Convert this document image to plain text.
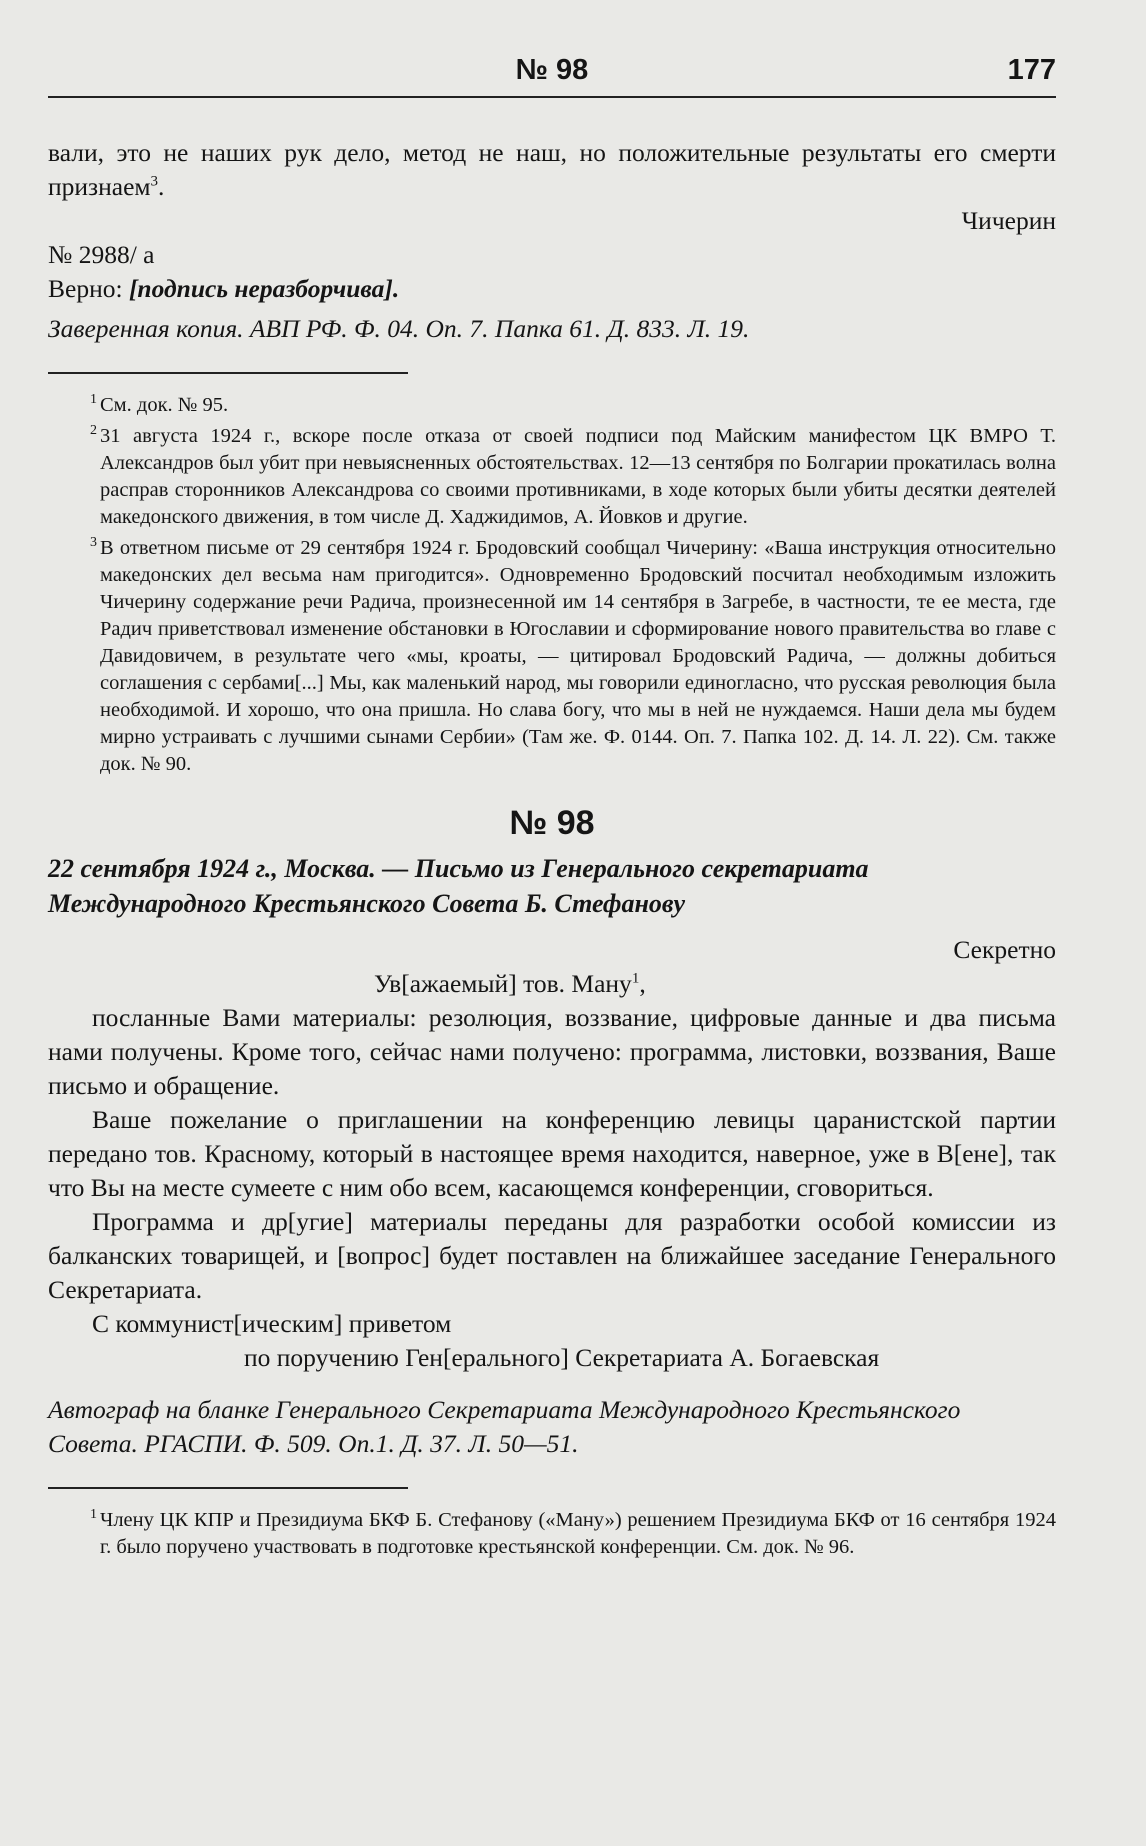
№ 98	177

вали, это не наших рук дело, метод не наш, но положительные результаты его смерти признаем$^3$.

Чичерин

№ 2988/ а

Верно: [подпись неразборчива].

Заверенная копия. АВП РФ. Ф. 04. Оп. 7. Папка 61. Д. 833. Л. 19.

1 См. док. № 95.

2 31 августа 1924 г., вскоре после отказа от своей подписи под Майским манифестом ЦК ВМРО Т. Александров был убит при невыясненных обстоятельствах. 12—13 сентября по Болгарии прокатилась волна расправ сторонников Александрова со своими противниками, в ходе которых были убиты десятки деятелей македонского движения, в том числе Д. Хаджидимов, А. Йовков и другие.

3 В ответном письме от 29 сентября 1924 г. Бродовский сообщал Чичерину: «Ваша инструкция относительно македонских дел весьма нам пригодится». Одновременно Бродовский посчитал необходимым изложить Чичерину содержание речи Радича, произнесенной им 14 сентября в Загребе, в частности, те ее места, где Радич приветствовал изменение обстановки в Югославии и сформирование нового правительства во главе с Давидовичем, в результате чего «мы, кроаты, — цитировал Бродовский Радича, — должны добиться соглашения с сербами[...] Мы, как маленький народ, мы говорили единогласно, что русская революция была необходимой. И хорошо, что она пришла. Но слава богу, что мы в ней не нуждаемся. Наши дела мы будем мирно устраивать с лучшими сынами Сербии» (Там же. Ф. 0144. Оп. 7. Папка 102. Д. 14. Л. 22). См. также док. № 90.

№ 98

22 сентября 1924 г., Москва. — Письмо из Генерального секретариата Международного Крестьянского Совета Б. Стефанову

Секретно

Ув[ажаемый] тов. Ману$^1$,

посланные Вами материалы: резолюция, воззвание, цифровые данные и два письма нами получены. Кроме того, сейчас нами получено: программа, листовки, воззвания, Ваше письмо и обращение.

Ваше пожелание о приглашении на конференцию левицы царанистской партии передано тов. Красному, который в настоящее время находится, наверное, уже в В[ене], так что Вы на месте сумеете с ним обо всем, касающемся конференции, сговориться.

Программа и др[угие] материалы переданы для разработки особой комиссии из балканских товарищей, и [вопрос] будет поставлен на ближайшее заседание Генерального Секретариата.

С коммунист[ическим] приветом

по поручению Ген[ерального] Секретариата А. Богаевская

Автограф на бланке Генерального Секретариата Международного Крестьянского Совета. РГАСПИ. Ф. 509. Оп.1. Д. 37. Л. 50—51.

1 Члену ЦК КПР и Президиума БКФ Б. Стефанову («Ману») решением Президиума БКФ от 16 сентября 1924 г. было поручено участвовать в подготовке крестьянской конференции. См. док. № 96.
